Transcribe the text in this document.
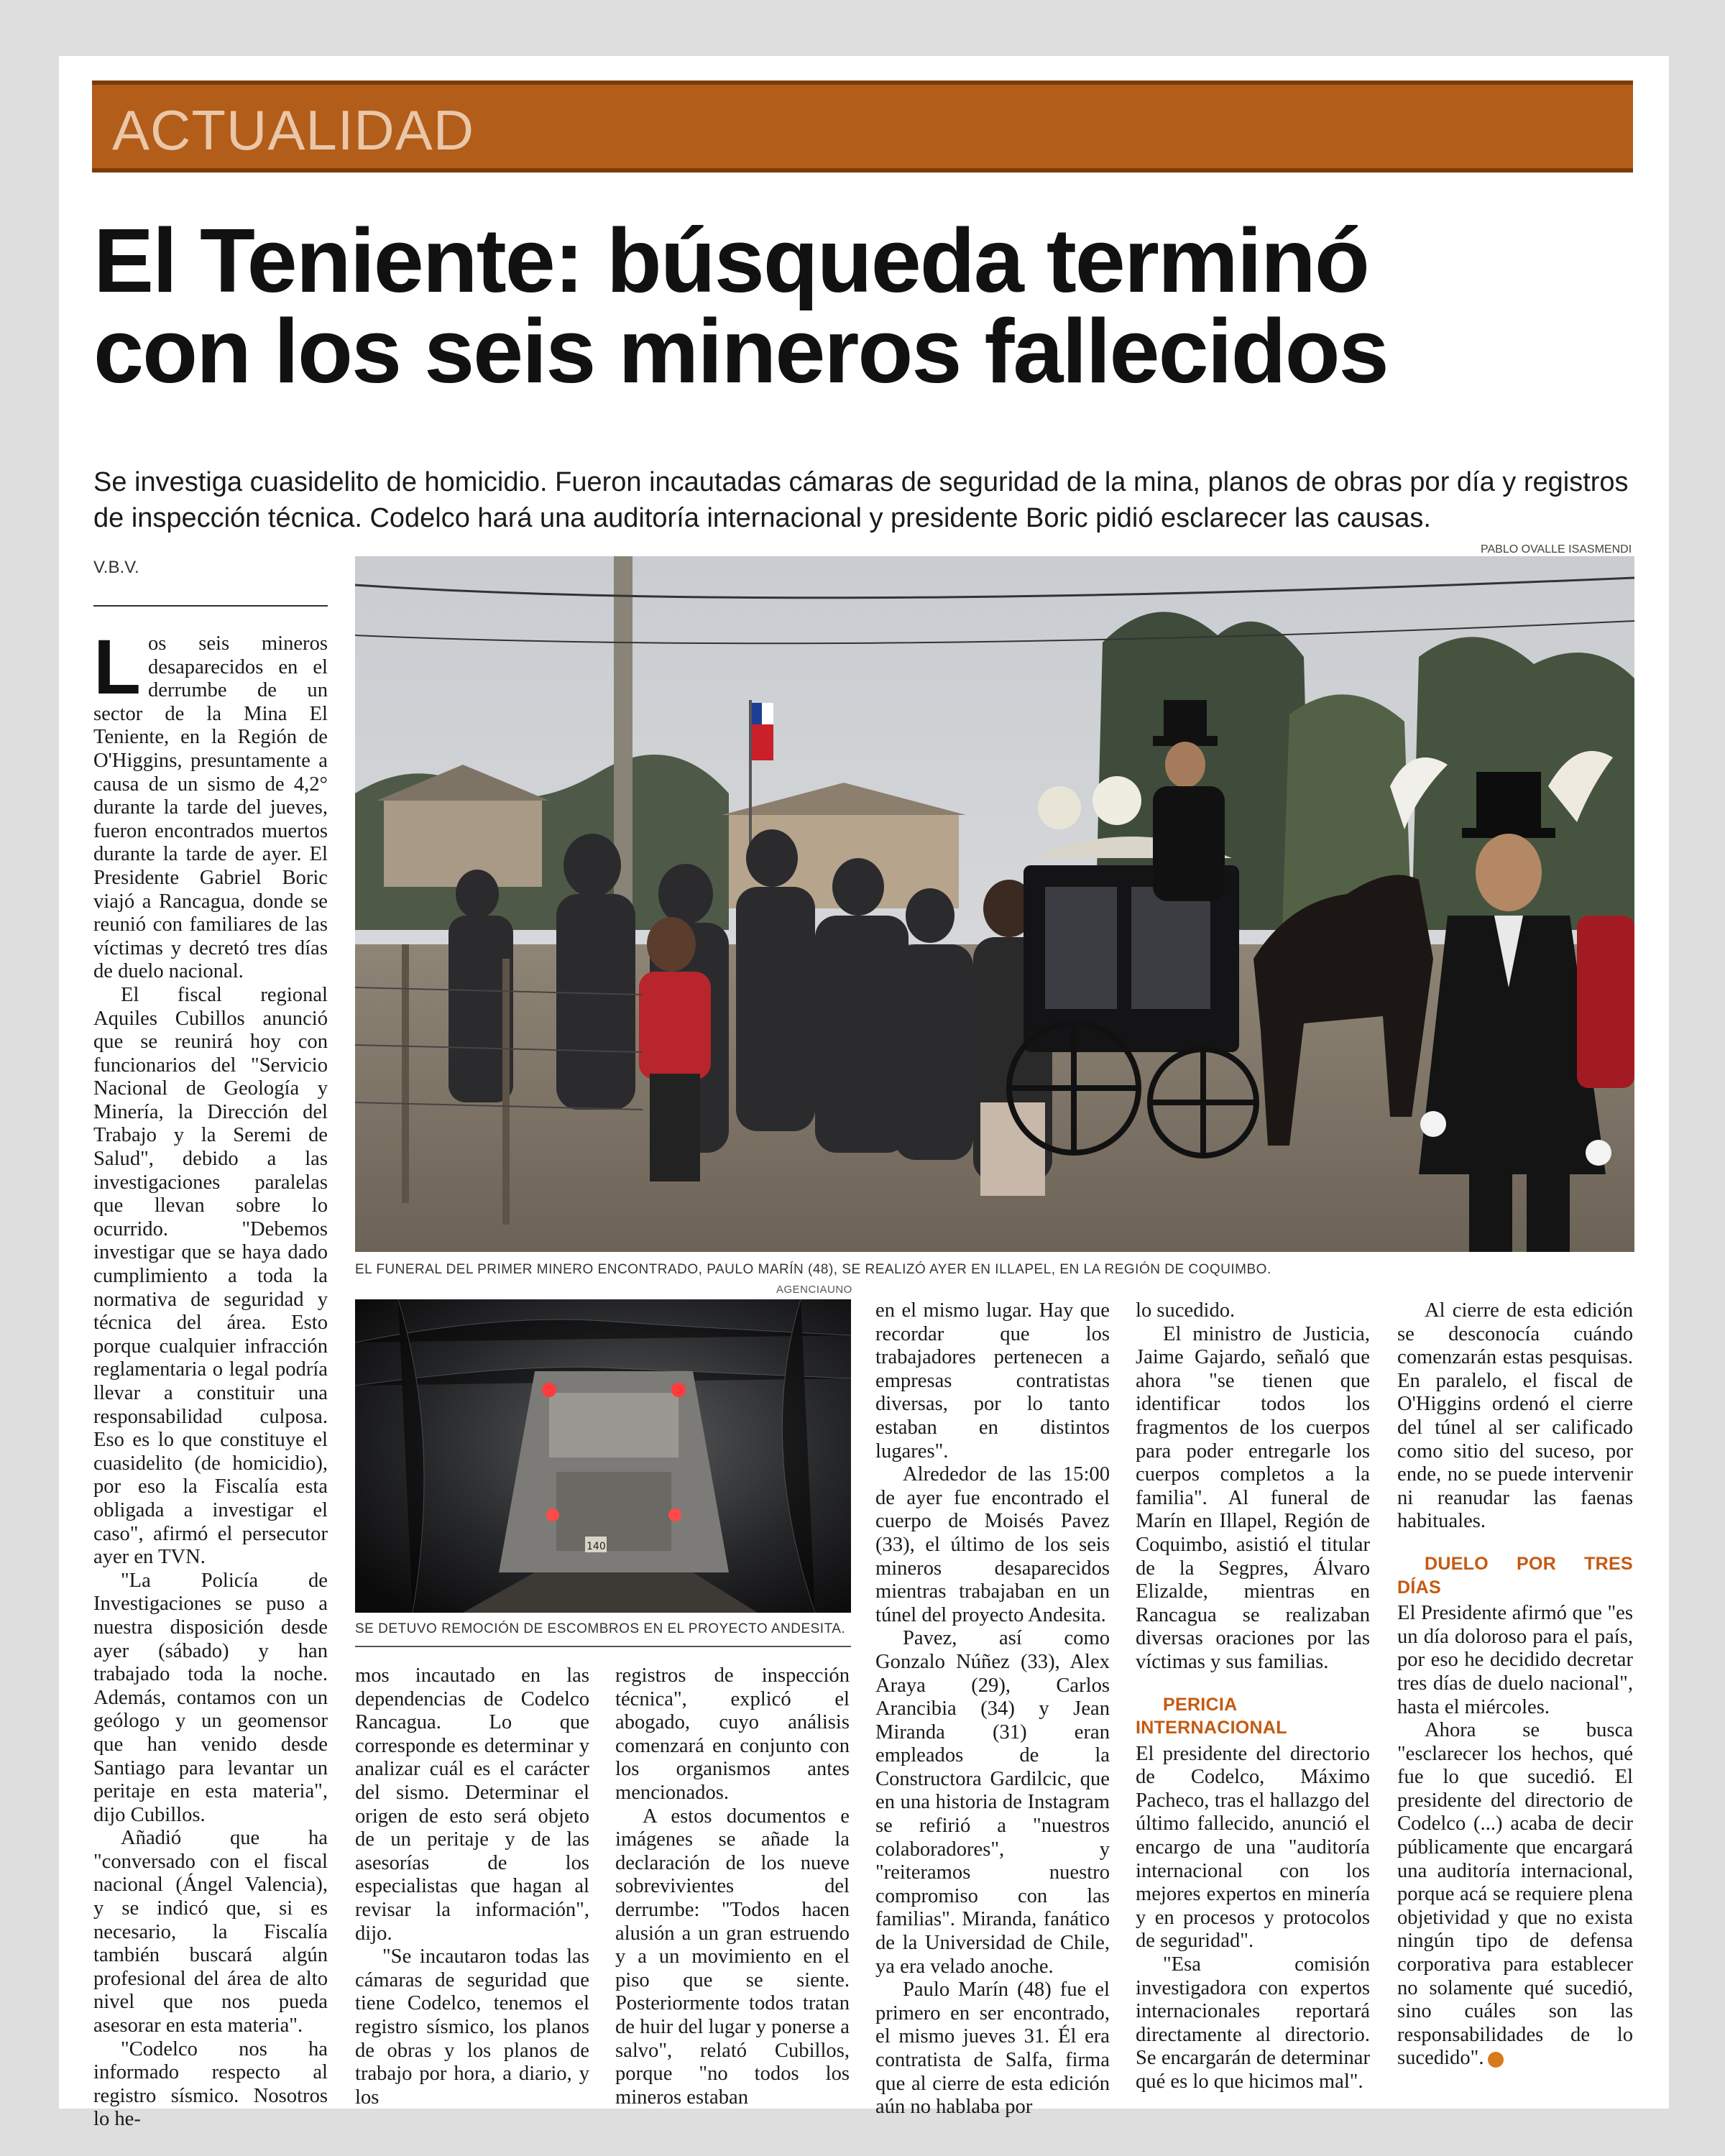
ACTUALIDAD
El Teniente: búsqueda terminó
con los seis mineros fallecidos
Se investiga cuasidelito de homicidio. Fueron incautadas cámaras de seguridad de la mina, planos de obras por día y registros de inspección técnica. Codelco hará una auditoría internacional y presidente Boric pidió esclarecer las causas.
V.B.V.
PABLO OVALLE ISASMENDI
EL FUNERAL DEL PRIMER MINERO ENCONTRADO, PAULO MARÍN (48), SE REALIZÓ AYER EN ILLAPEL, EN LA REGIÓN DE COQUIMBO.
AGENCIAUNO
140
SE DETUVO REMOCIÓN DE ESCOMBROS EN EL PROYECTO ANDESITA.

Los seis mineros desaparecidos en el derrumbe de un sector de la Mina El Teniente, en la Región de O'Higgins, presuntamente a causa de un sismo de 4,2° durante la tarde del jueves, fueron encontrados muertos durante la tarde de ayer. El Presidente Gabriel Boric viajó a Rancagua, donde se reunió con familiares de las víctimas y decretó tres días de duelo nacional.

El fiscal regional Aquiles Cubillos anunció que se reunirá hoy con funcionarios del "Servicio Nacional de Geología y Minería, la Dirección del Trabajo y la Seremi de Salud", debido a las investigaciones paralelas que llevan sobre lo ocurrido. "Debemos investigar que se haya dado cumplimiento a toda la normativa de seguridad y técnica del área. Esto porque cualquier infracción reglamentaria o legal podría llevar a constituir una responsabilidad culposa. Eso es lo que constituye el cuasidelito (de homicidio), por eso la Fiscalía esta obligada a investigar el caso", afirmó el persecutor ayer en TVN.

"La Policía de Investigaciones se puso a nuestra disposición desde ayer (sábado) y han trabajado toda la noche. Además, contamos con un geólogo y un geomensor que han venido desde Santiago para levantar un peritaje en esta materia", dijo Cubillos.

Añadió que ha "conversado con el fiscal nacional (Ángel Valencia), y se indicó que, si es necesario, la Fiscalía también buscará algún profesional del área de alto nivel que nos pueda asesorar en esta materia".

"Codelco nos ha informado respecto al registro sísmico. Nosotros lo he-

mos incautado en las dependencias de Codelco Rancagua. Lo que corresponde es determinar y analizar cuál es el carácter del sismo. Determinar el origen de esto será objeto de un peritaje y de las asesorías de los especialistas que hagan al revisar la información", dijo.

"Se incautaron todas las cámaras de seguridad que tiene Codelco, tenemos el registro sísmico, los planos de obras y los planos de trabajo por hora, a diario, y los

registros de inspección técnica", explicó el abogado, cuyo análisis comenzará en conjunto con los organismos antes mencionados.

A estos documentos e imágenes se añade la declaración de los nueve sobrevivientes del derrumbe: "Todos hacen alusión a un gran estruendo y a un movimiento en el piso que se siente. Posteriormente todos tratan de huir del lugar y ponerse a salvo", relató Cubillos, porque "no todos los mineros estaban

en el mismo lugar. Hay que recordar que los trabajadores pertenecen a empresas contratistas diversas, por lo tanto estaban en distintos lugares".

Alrededor de las 15:00 de ayer fue encontrado el cuerpo de Moisés Pavez (33), el último de los seis mineros desaparecidos mientras trabajaban en un túnel del proyecto Andesita.

Pavez, así como Gonzalo Núñez (33), Alex Araya (29), Carlos Arancibia (34) y Jean Miranda (31) eran empleados de la Constructora Gardilcic, que en una historia de Instagram se refirió a "nuestros colaboradores", y "reiteramos nuestro compromiso con las familias". Miranda, fanático de la Universidad de Chile, ya era velado anoche.

Paulo Marín (48) fue el primero en ser encontrado, el mismo jueves 31. Él era contratista de Salfa, firma que al cierre de esta edición aún no hablaba por

lo sucedido.

El ministro de Justicia, Jaime Gajardo, señaló que ahora "se tienen que identificar todos los fragmentos de los cuerpos para poder entregarle los cuerpos completos a la familia". Al funeral de Marín en Illapel, Región de Coquimbo, asistió el titular de la Segpres, Álvaro Elizalde, mientras en Rancagua se realizaban diversas oraciones por las víctimas y sus familias.

PERICIA INTERNACIONAL

El presidente del directorio de Codelco, Máximo Pacheco, tras el hallazgo del último fallecido, anunció el encargo de una "auditoría internacional con los mejores expertos en minería y en procesos y protocolos de seguridad".

"Esa comisión investigadora con expertos internacionales reportará directamente al directorio. Se encargarán de determinar qué es lo que hicimos mal".

Al cierre de esta edición se desconocía cuándo comenzarán estas pesquisas. En paralelo, el fiscal de O'Higgins ordenó el cierre del túnel al ser calificado como sitio del suceso, por ende, no se puede intervenir ni reanudar las faenas habituales.

DUELO POR TRES DÍAS

El Presidente afirmó que "es un día doloroso para el país, por eso he decidido decretar tres días de duelo nacional", hasta el miércoles.

Ahora se busca "esclarecer los hechos, qué fue lo que sucedió. El presidente del directorio de Codelco (...) acaba de decir públicamente que encargará una auditoría internacional, porque acá se requiere plena objetividad y que no exista ningún tipo de defensa corporativa para establecer no solamente qué sucedió, sino cuáles son las responsabilidades de lo sucedido".	•
